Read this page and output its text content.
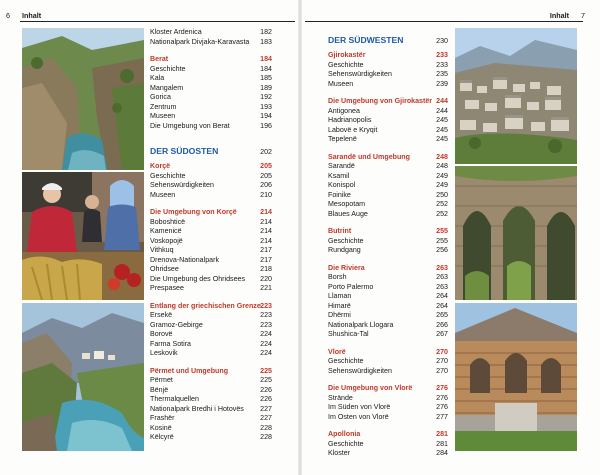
6 Inhalt	Inhalt 7
Kloster Ardenica	182
Nationalpark Divjaka-Karavasta 183
Berat	184
Geschichte	184
Kala	185
Mangalem	189
Gorica	192
Zentrum	193
Museen	194
Die Umgebung von Berat	196
DER SÜDOSTEN	202
Korçë	205
Geschichte	205
Sehenswürdigkeiten	206
Museen	210
Die Umgebung von Korçë	214
Boboshticë	214
Kamenicë	214
Voskopojë	214
Vithkuq	217
Drenova-Nationalpark	217
Ohridsee	218
Die Umgebung des Ohridsees 220
Prespasee	221
Entlang der griechischen Grenze 223
Ersekë	223
Gramoz-Gebirge	223
Borovë	224
Farma Sotira	224
Leskovik	224
Përmet und Umgebung	225
Përmet	225
Bënjë	226
Thermalquellen	226
Nationalpark Bredhi i Hotovës 227
Frashër	227
Kosinë	228
Këlcyrë	228
DER SÜDWESTEN	230
Gjirokastër	233
Geschichte	233
Sehenswürdigkeiten	235
Museen	239
Die Umgebung von Gjirokastër 244
Antigonea	244
Hadrianopolis	245
Labovë e Kryqit	245
Tepelenë	245
Sarandë und Umgebung	248
Sarandë	248
Ksamil	249
Konispol	249
Foinike	250
Mesopotam	252
Blaues Auge	252
Butrint	255
Geschichte	255
Rundgang	256
Die Riviera	263
Borsh	263
Porto Palermo	263
Llaman	264
Himarë	264
Dhërmi	265
Nationalpark Llogara	266
Shushica-Tal	267
Vlorë	270
Geschichte	270
Sehenswürdigkeiten	270
Die Umgebung von Vlorë	276
Strände	276
Im Süden von Vlorë	276
Im Osten von Vlorë	277
Apollonia	281
Geschichte	281
Kloster	284
